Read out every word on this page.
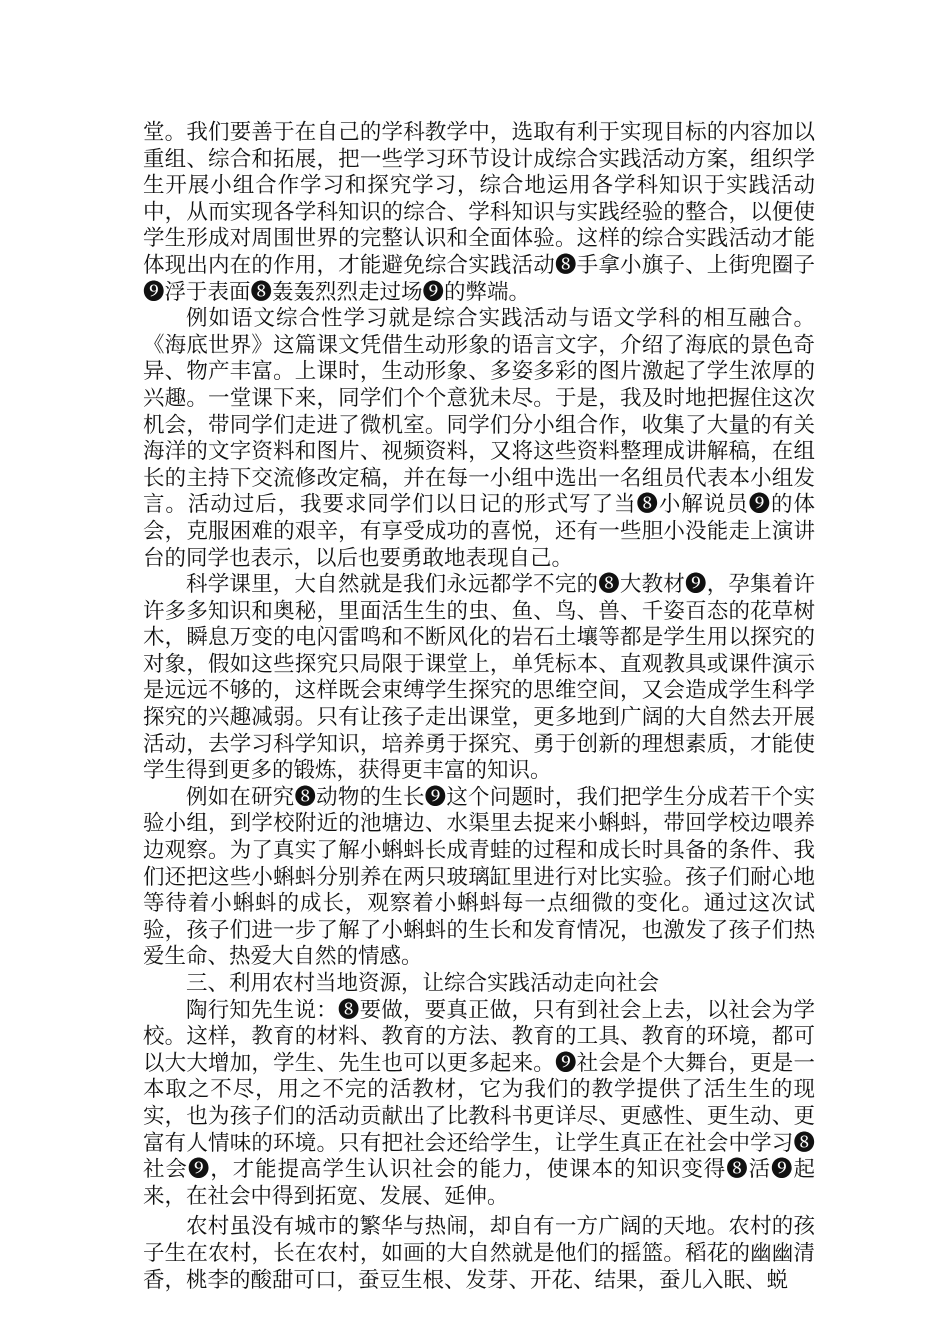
堂。我们要善于在自己的学科教学中，选取有利于实现目标的内容加以重组、综合和拓展，把一些学习环节设计成综合实践活动方案，组织学生开展小组合作学习和探究学习，综合地运用各学科知识于实践活动中，从而实现各学科知识的综合、学科知识与实践经验的整合，以便使学生形成对周围世界的完整认识和全面体验。这样的综合实践活动才能体现出内在的作用，才能避免综合实践活动❽手拿小旗子、上街兜圈子❾浮于表面❽轰轰烈烈走过场❾的弊端。

例如语文综合性学习就是综合实践活动与语文学科的相互融合。《海底世界》这篇课文凭借生动形象的语言文字，介绍了海底的景色奇异、物产丰富。上课时，生动形象、多姿多彩的图片激起了学生浓厚的兴趣。一堂课下来，同学们个个意犹未尽。于是，我及时地把握住这次机会，带同学们走进了微机室。同学们分小组合作，收集了大量的有关海洋的文字资料和图片、视频资料，又将这些资料整理成讲解稿，在组长的主持下交流修改定稿，并在每一小组中选出一名组员代表本小组发言。活动过后，我要求同学们以日记的形式写了当❽小解说员❾的体会，克服困难的艰辛，有享受成功的喜悦，还有一些胆小没能走上演讲台的同学也表示，以后也要勇敢地表现自己。

科学课里，大自然就是我们永远都学不完的❽大教材❾，孕集着许许多多知识和奥秘，里面活生生的虫、鱼、鸟、兽、千姿百态的花草树木，瞬息万变的电闪雷鸣和不断风化的岩石土壤等都是学生用以探究的对象，假如这些探究只局限于课堂上，单凭标本、直观教具或课件演示是远远不够的，这样既会束缚学生探究的思维空间，又会造成学生科学探究的兴趣减弱。只有让孩子走出课堂，更多地到广阔的大自然去开展活动，去学习科学知识，培养勇于探究、勇于创新的理想素质，才能使学生得到更多的锻炼，获得更丰富的知识。

例如在研究❽动物的生长❾这个问题时，我们把学生分成若干个实验小组，到学校附近的池塘边、水渠里去捉来小蝌蚪，带回学校边喂养边观察。为了真实了解小蝌蚪长成青蛙的过程和成长时具备的条件、我们还把这些小蝌蚪分别养在两只玻璃缸里进行对比实验。孩子们耐心地等待着小蝌蚪的成长，观察着小蝌蚪每一点细微的变化。通过这次试验，孩子们进一步了解了小蝌蚪的生长和发育情况，也激发了孩子们热爱生命、热爱大自然的情感。

三、利用农村当地资源，让综合实践活动走向社会

陶行知先生说：❽要做，要真正做，只有到社会上去，以社会为学校。这样，教育的材料、教育的方法、教育的工具、教育的环境，都可以大大增加，学生、先生也可以更多起来。❾社会是个大舞台，更是一本取之不尽，用之不完的活教材，它为我们的教学提供了活生生的现实，也为孩子们的活动贡献出了比教科书更详尽、更感性、更生动、更富有人情味的环境。只有把社会还给学生，让学生真正在社会中学习❽社会❾，才能提高学生认识社会的能力，使课本的知识变得❽活❾起来，在社会中得到拓宽、发展、延伸。

农村虽没有城市的繁华与热闹，却自有一方广阔的天地。农村的孩子生在农村，长在农村，如画的大自然就是他们的摇篮。稻花的幽幽清香，桃李的酸甜可口，蚕豆生根、发芽、开花、结果，蚕儿入眠、蜕
